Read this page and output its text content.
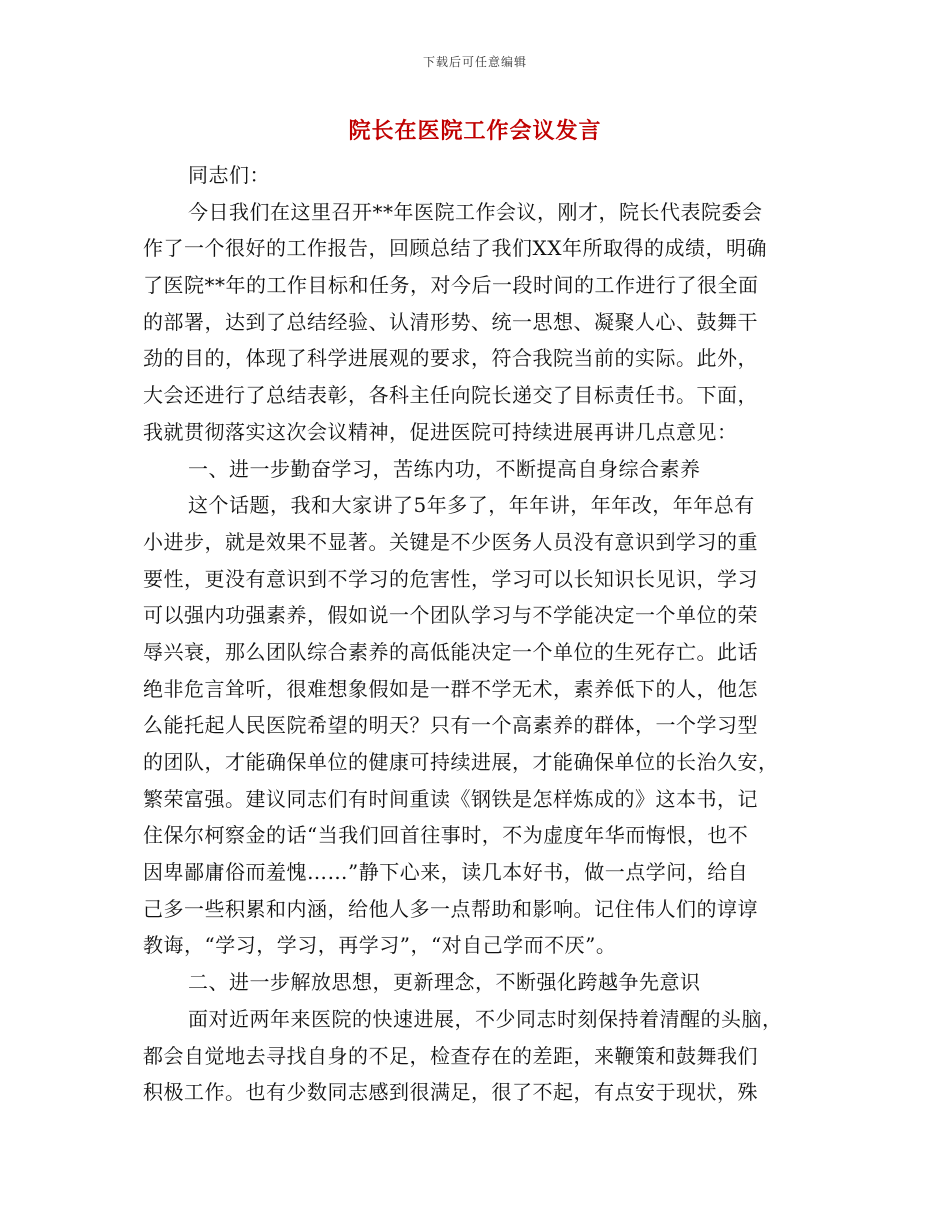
下载后可任意编辑
院长在医院工作会议发言
同志们：
今日我们在这里召开**年医院工作会议，刚才，院长代表院委会
作了一个很好的工作报告，回顾总结了我们XX年所取得的成绩，明确
了医院**年的工作目标和任务，对今后一段时间的工作进行了很全面
的部署，达到了总结经验、认清形势、统一思想、凝聚人心、鼓舞干
劲的目的，体现了科学进展观的要求，符合我院当前的实际。此外，
大会还进行了总结表彰，各科主任向院长递交了目标责任书。下面，
我就贯彻落实这次会议精神，促进医院可持续进展再讲几点意见：
一、进一步勤奋学习，苦练内功，不断提高自身综合素养
这个话题，我和大家讲了5年多了，年年讲，年年改，年年总有
小进步，就是效果不显著。关键是不少医务人员没有意识到学习的重
要性，更没有意识到不学习的危害性，学习可以长知识长见识，学习
可以强内功强素养，假如说一个团队学习与不学能决定一个单位的荣
辱兴衰，那么团队综合素养的高低能决定一个单位的生死存亡。此话
绝非危言耸听，很难想象假如是一群不学无术，素养低下的人，他怎
么能托起人民医院希望的明天？只有一个高素养的群体，一个学习型
的团队，才能确保单位的健康可持续进展，才能确保单位的长治久安，
繁荣富强。建议同志们有时间重读《钢铁是怎样炼成的》这本书，记
住保尔柯察金的话“当我们回首往事时，不为虚度年华而悔恨，也不
因卑鄙庸俗而羞愧……”静下心来，读几本好书，做一点学问，给自
己多一些积累和内涵，给他人多一点帮助和影响。记住伟人们的谆谆
教诲，“学习，学习，再学习”，“对自己学而不厌”。
二、进一步解放思想，更新理念，不断强化跨越争先意识
面对近两年来医院的快速进展，不少同志时刻保持着清醒的头脑，
都会自觉地去寻找自身的不足，检查存在的差距，来鞭策和鼓舞我们
积极工作。也有少数同志感到很满足，很了不起，有点安于现状，殊
